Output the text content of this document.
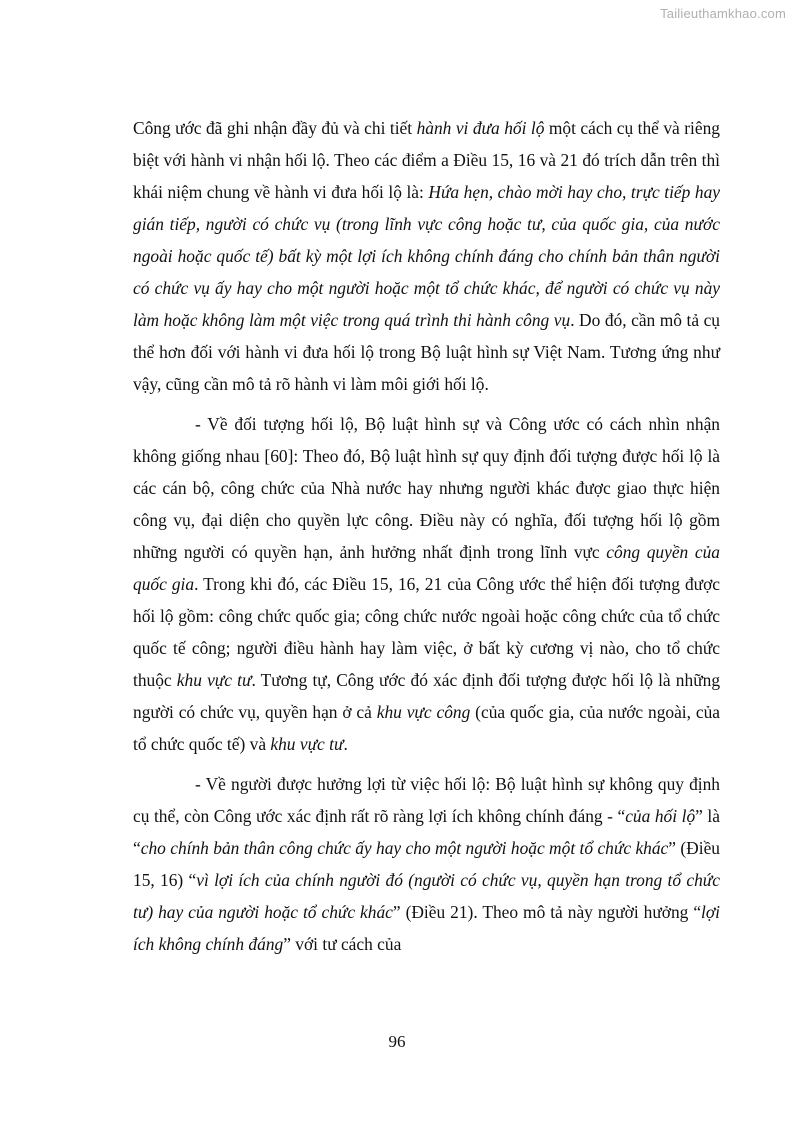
Tailieuthamkhao.com

Công ước đã ghi nhận đầy đủ và chi tiết hành vi đưa hối lộ một cách cụ thể và riêng biệt với hành vi nhận hối lộ. Theo các điểm a Điều 15, 16 và 21 đó trích dẫn trên thì khái niệm chung về hành vi đưa hối lộ là: Hứa hẹn, chào mời hay cho, trực tiếp hay gián tiếp, người có chức vụ (trong lĩnh vực công hoặc tư, của quốc gia, của nước ngoài hoặc quốc tế) bất kỳ một lợi ích không chính đáng cho chính bản thân người có chức vụ ấy hay cho một người hoặc một tổ chức khác, để người có chức vụ này làm hoặc không làm một việc trong quá trình thi hành công vụ. Do đó, cần mô tả cụ thể hơn đối với hành vi đưa hối lộ trong Bộ luật hình sự Việt Nam. Tương ứng như vậy, cũng cần mô tả rõ hành vi làm môi giới hối lộ.

- Về đối tượng hối lộ, Bộ luật hình sự và Công ước có cách nhìn nhận không giống nhau [60]: Theo đó, Bộ luật hình sự quy định đối tượng được hối lộ là các cán bộ, công chức của Nhà nước hay nhưng người khác được giao thực hiện công vụ, đại diện cho quyền lực công. Điều này có nghĩa, đối tượng hối lộ gồm những người có quyền hạn, ảnh hưởng nhất định trong lĩnh vực công quyền của quốc gia. Trong khi đó, các Điều 15, 16, 21 của Công ước thể hiện đối tượng được hối lộ gồm: công chức quốc gia; công chức nước ngoài hoặc công chức của tổ chức quốc tế công; người điều hành hay làm việc, ở bất kỳ cương vị nào, cho tổ chức thuộc khu vực tư. Tương tự, Công ước đó xác định đối tượng được hối lộ là những người có chức vụ, quyền hạn ở cả khu vực công (của quốc gia, của nước ngoài, của tổ chức quốc tế) và khu vực tư.

- Về người được hưởng lợi từ việc hối lộ: Bộ luật hình sự không quy định cụ thể, còn Công ước xác định rất rõ ràng lợi ích không chính đáng - “của hối lộ” là “cho chính bản thân công chức ấy hay cho một người hoặc một tổ chức khác” (Điều 15, 16) “vì lợi ích của chính người đó (người có chức vụ, quyền hạn trong tổ chức tư) hay của người hoặc tổ chức khác” (Điều 21). Theo mô tả này người hưởng “lợi ích không chính đáng” với tư cách của

96
